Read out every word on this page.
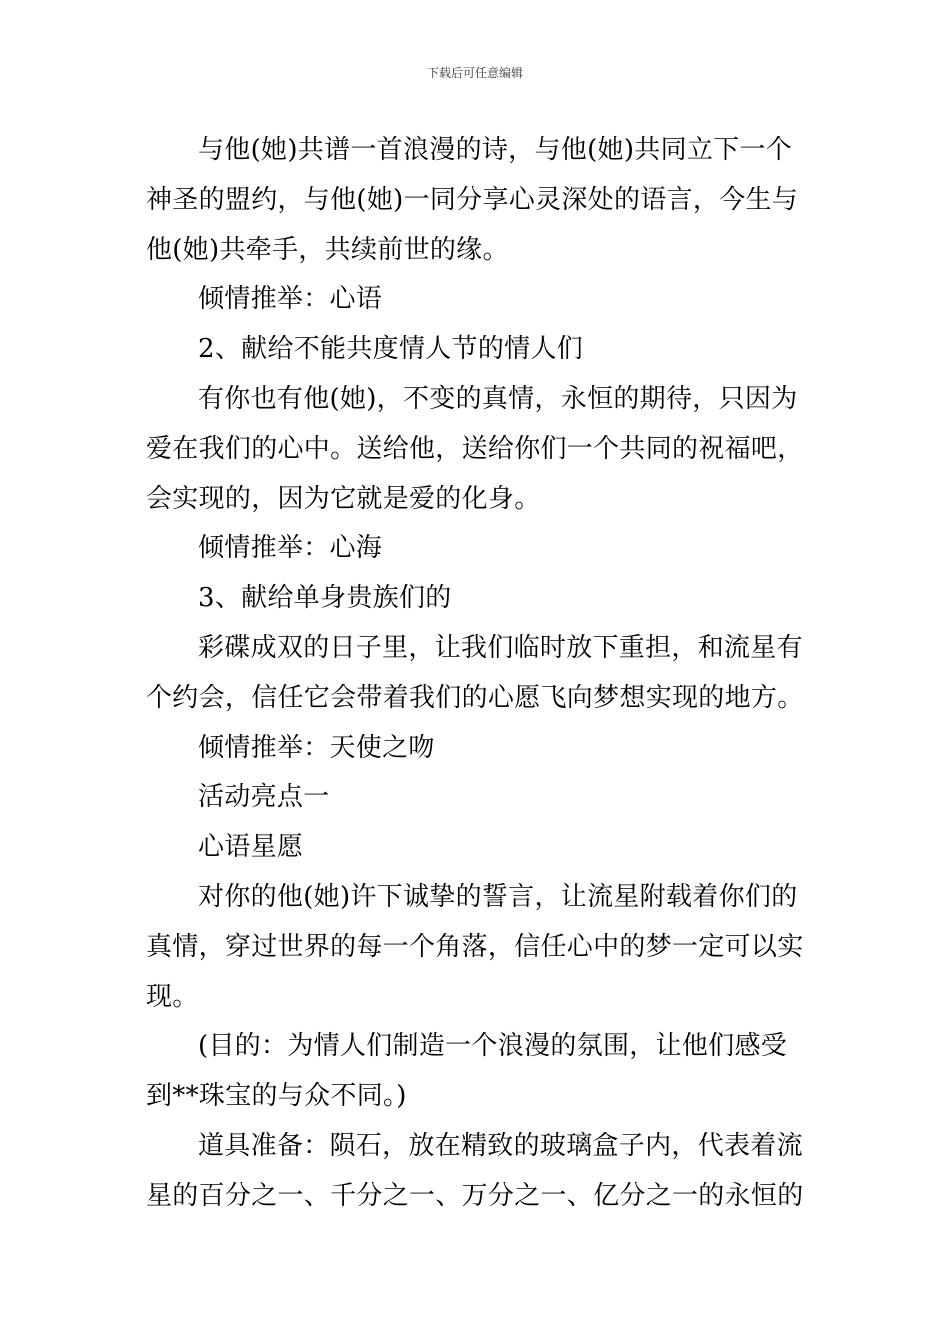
下载后可任意编辑

与他(她)共谱一首浪漫的诗，与他(她)共同立下一个神圣的盟约，与他(她)一同分享心灵深处的语言，今生与他(她)共牵手，共续前世的缘。

倾情推举：心语

2、献给不能共度情人节的情人们

有你也有他(她)，不变的真情，永恒的期待，只因为爱在我们的心中。送给他，送给你们一个共同的祝福吧，会实现的，因为它就是爱的化身。

倾情推举：心海

3、献给单身贵族们的

彩碟成双的日子里，让我们临时放下重担，和流星有个约会，信任它会带着我们的心愿飞向梦想实现的地方。

倾情推举：天使之吻

活动亮点一

心语星愿

对你的他(她)许下诚挚的誓言，让流星附载着你们的真情，穿过世界的每一个角落，信任心中的梦一定可以实现。

(目的：为情人们制造一个浪漫的氛围，让他们感受到**珠宝的与众不同。)

道具准备：陨石，放在精致的玻璃盒子内，代表着流星的百分之一、千分之一、万分之一、亿分之一的永恒的
